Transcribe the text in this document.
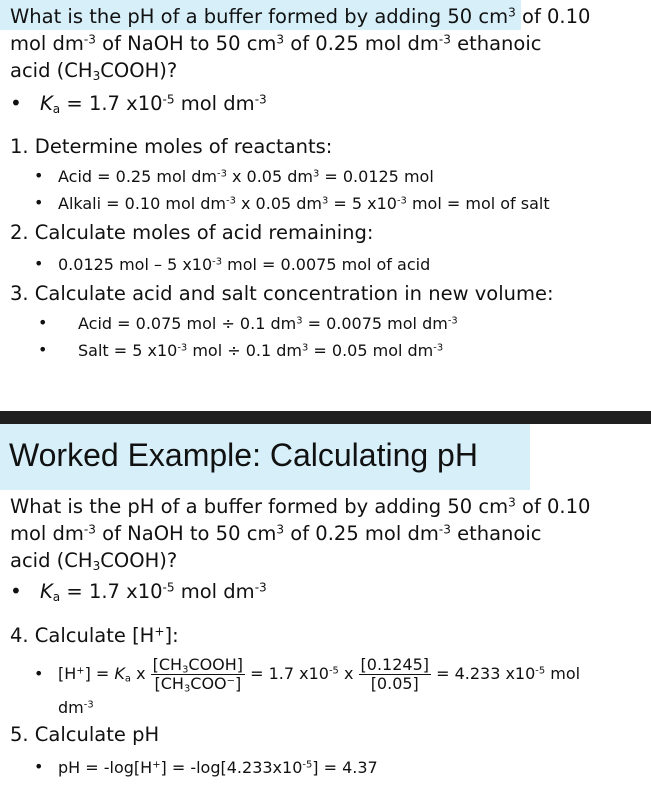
What is the pH of a buffer formed by adding 50 $cm^3$ of 0.10
mol $dm^{-3}$ of NaOH to 50 $cm^3$ of 0.25 mol $dm^{-3}$ ethanoic
acid $(CH_3COOH)$?
• $K_a = 1.7$ $x10^{-5}$ mol $dm^{-3}$
1. Determine moles of reactants:
• Acid = 0.25 mol $dm^{-3}$ x 0.05 $dm^3 = 0.0125$ mol
• Alkali = 0.10 mol $dm^{-3}$ x 0.05 $dm^3 = 5$ $x10^{-3}$ mol = mol of salt
2. Calculate moles of acid remaining:
• 0.0125 mol – 5 $x10^{-3}$ mol = 0.0075 mol of acid
3. Calculate acid and salt concentration in new volume:
• Acid = 0.075 mol ÷ 0.1 $dm^3 = 0.0075$ mol $dm^{-3}$
• Salt = 5 $x10^{-3}$ mol ÷ 0.1 $dm^3 = 0.05$ mol $dm^{-3}$
Worked Example: Calculating pH
What is the pH of a buffer formed by adding 50 $cm^3$ of 0.10
mol $dm^{-3}$ of NaOH to 50 $cm^3$ of 0.25 mol $dm^{-3}$ ethanoic
acid $(CH_3COOH)$?
• $K_a = 1.7$ $x10^{-5}$ mol $dm^{-3}$
4. Calculate [H+]:
• $[H^+] = K_a$ x $\frac{[CH_3COOH]}{[CH_3COO^-]} = 1.7$ $x10^{-5}$ x $\frac{[0.1245]}{[0.05]} = 4.233$ $x10^{-5}$ mol
$dm^{-3}$
5. Calculate pH
• pH = $-\log[H^+] = -\log[4.233x10^{-5}] = 4.37$
